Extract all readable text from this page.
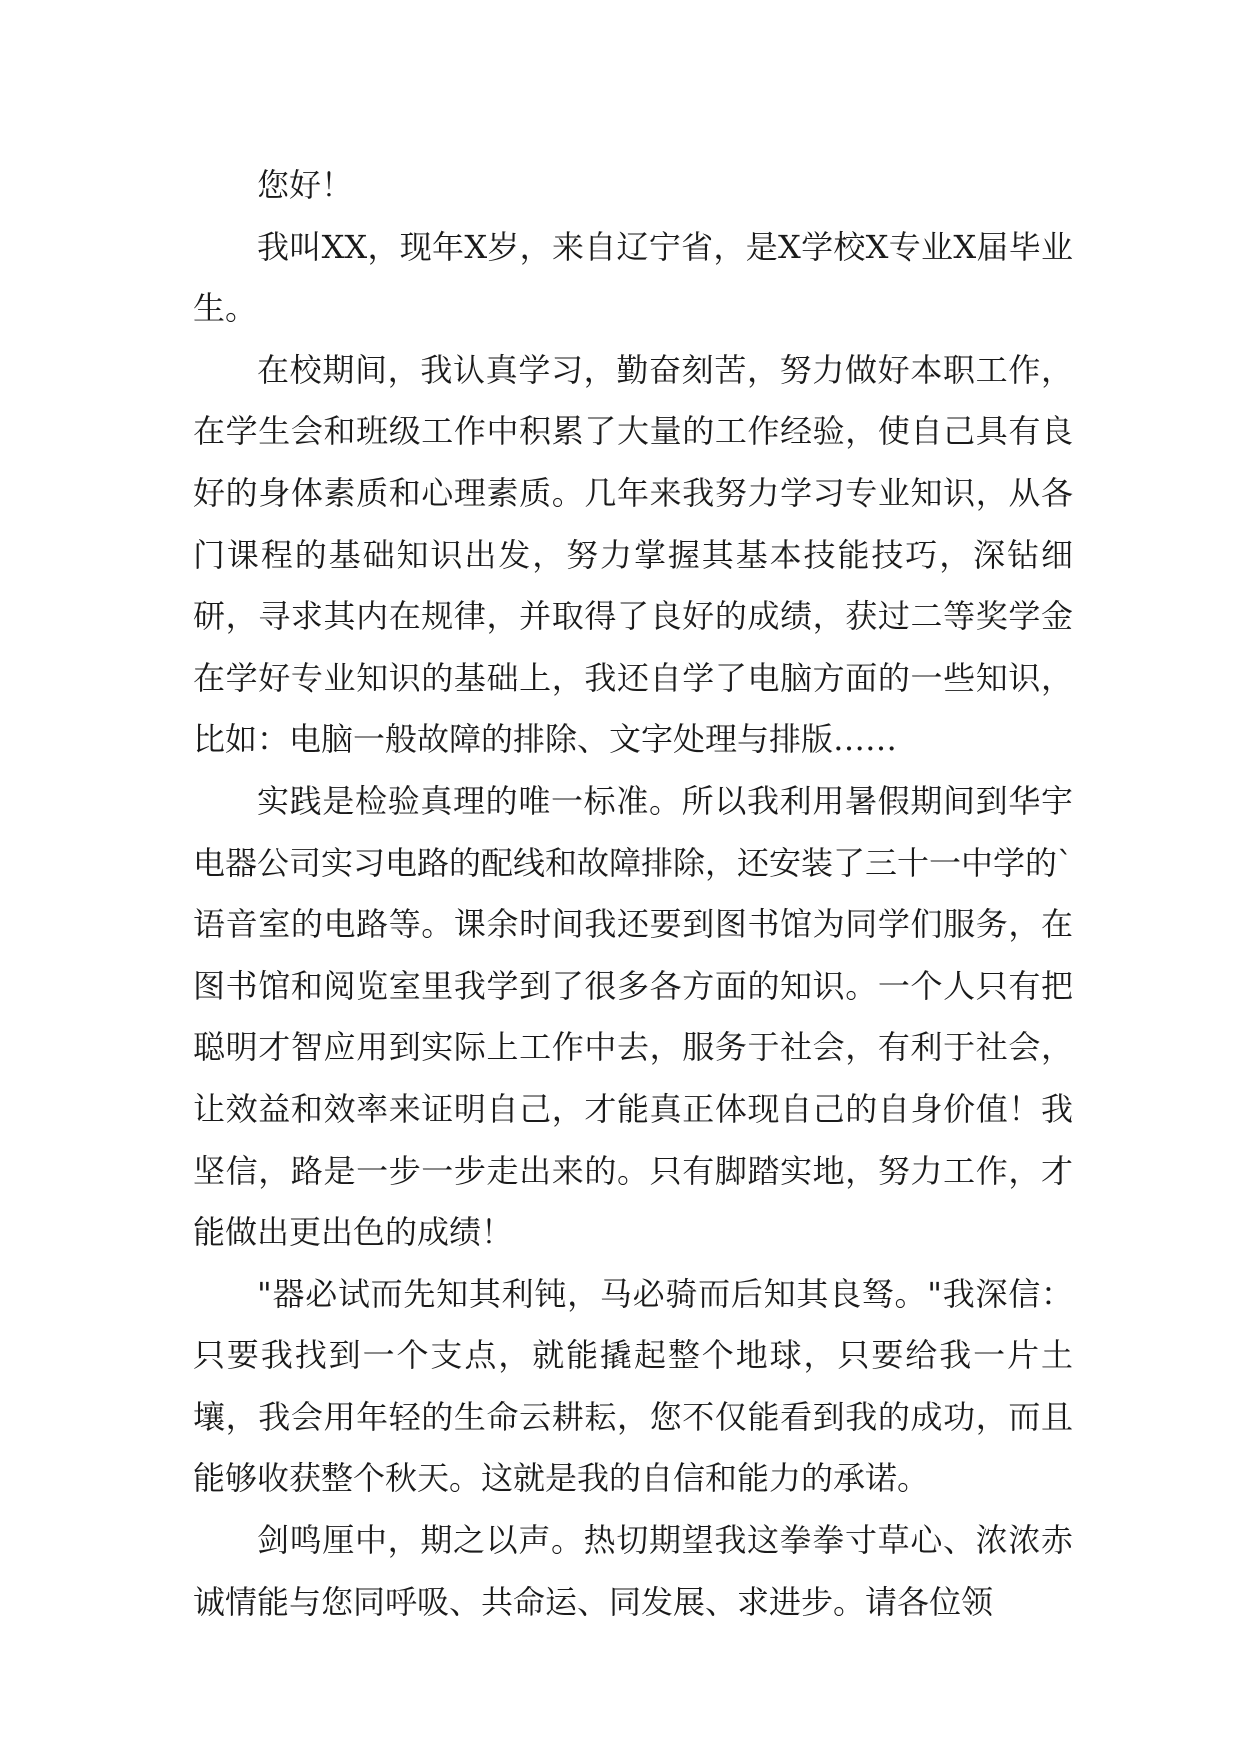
您好！

我叫XX，现年X岁，来自辽宁省，是X学校X专业X届毕业生。

在校期间，我认真学习，勤奋刻苦，努力做好本职工作，在学生会和班级工作中积累了大量的工作经验，使自己具有良好的身体素质和心理素质。几年来我努力学习专业知识，从各门课程的基础知识出发，努力掌握其基本技能技巧，深钻细研，寻求其内在规律，并取得了良好的成绩，获过二等奖学金在学好专业知识的基础上，我还自学了电脑方面的一些知识，比如：电脑一般故障的排除、文字处理与排版……

实践是检验真理的唯一标准。所以我利用暑假期间到华宇电器公司实习电路的配线和故障排除，还安装了三十一中学的`语音室的电路等。课余时间我还要到图书馆为同学们服务，在图书馆和阅览室里我学到了很多各方面的知识。一个人只有把聪明才智应用到实际上工作中去，服务于社会，有利于社会，让效益和效率来证明自己，才能真正体现自己的自身价值！我坚信，路是一步一步走出来的。只有脚踏实地，努力工作，才能做出更出色的成绩！

"器必试而先知其利钝，马必骑而后知其良驽。"我深信：只要我找到一个支点，就能撬起整个地球，只要给我一片土壤，我会用年轻的生命云耕耘，您不仅能看到我的成功，而且能够收获整个秋天。这就是我的自信和能力的承诺。

剑鸣厘中，期之以声。热切期望我这拳拳寸草心、浓浓赤诚情能与您同呼吸、共命运、同发展、求进步。请各位领
